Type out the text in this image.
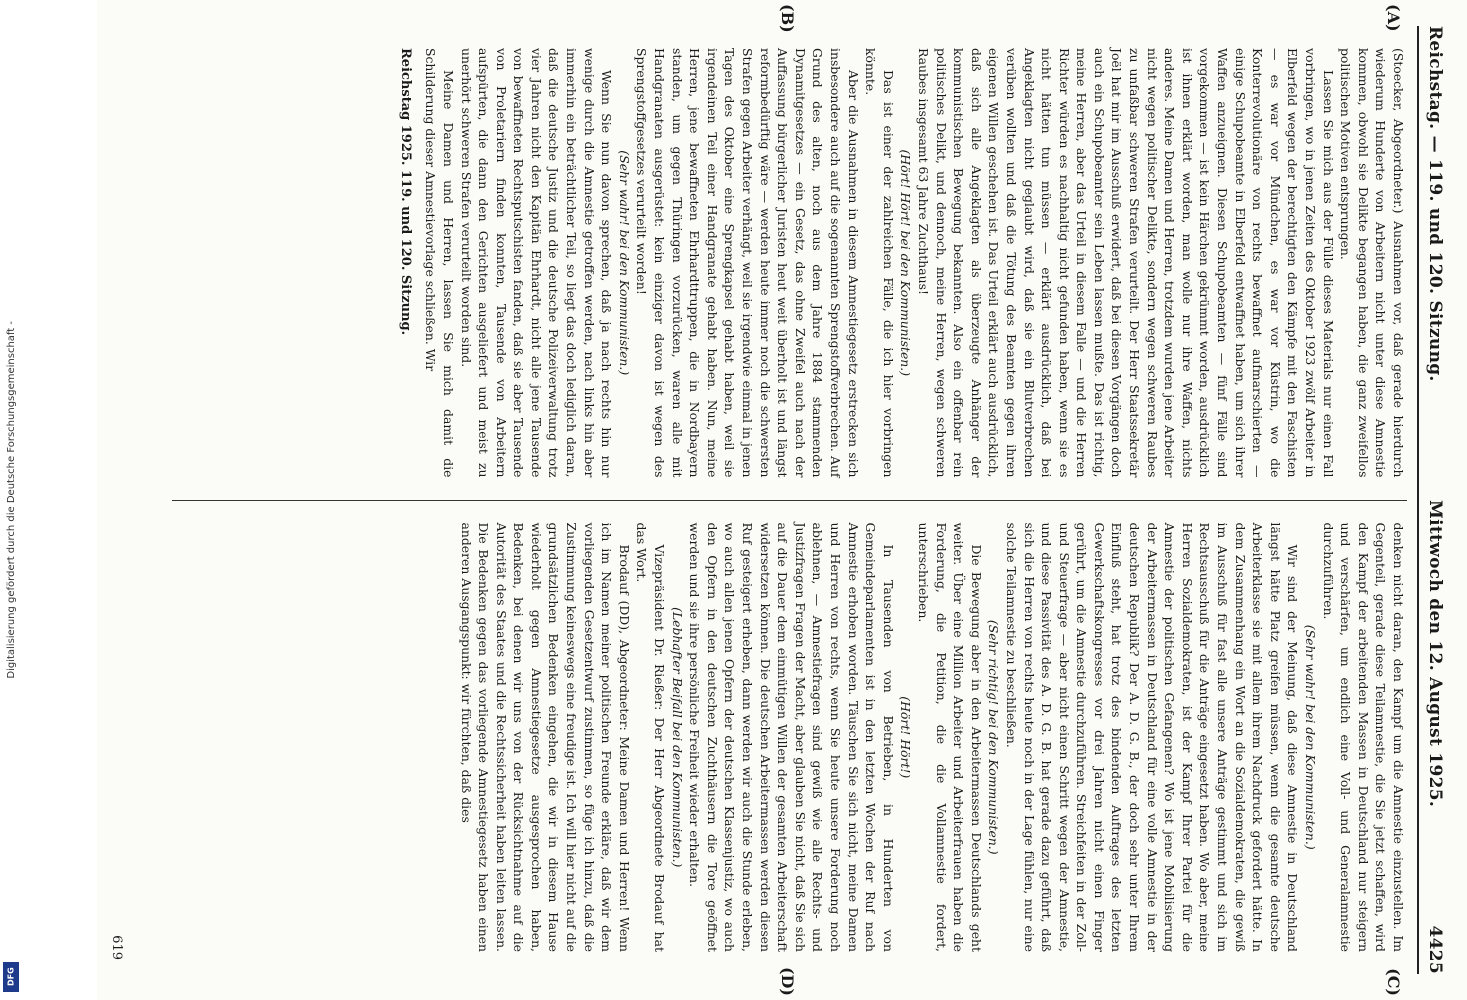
Digitalisierung gefördert durch die Deutsche Forschungsgemeinschaft -
DFG
Reichstag. — 119. und 120. Sitzung.
Mittwoch den 12. August 1925.
4425
(A)
(B)
(C)
(D)

(Stoecker, Abgeordneter.) Ausnahmen vor, daß gerade hierdurch wiederum Hunderte von Arbeitern nicht unter diese Amnestie kommen, obwohl sie Delikte begangen haben, die ganz zweifellos politischen Motiven entsprungen.

Lassen Sie mich aus der Fülle dieses Materials nur einen Fall vorbringen, wo in jenen Zeiten des Oktober 1923 zwölf Arbeiter in Elberfeld wegen der berechtigten den Kämpfe mit den Faschisten — es war vor Mündchen, es war vor Küstrin, wo die Konterrevolutionäre von rechts bewaffnet aufmarschierten — einige Schupobeamte in Elberfeld entwaffnet haben, um sich ihrer Waffen anzueignen. Diesen Schupobeamten — fünf Fälle sind vorgekommen — ist kein Härchen gekrümmt worden, ausdrücklich ist ihnen erklärt worden, man wolle nur ihre Waffen, nichts anderes. Meine Damen und Herren, trotzdem wurden jene Arbeiter nicht wegen politischer Delikte, sondern wegen schweren Raubes zu unfaßbar schweren Strafen verurteilt. Der Herr Staatssekretär Joël hat mir im Ausschuß erwidert, daß bei diesen Vorgängen doch auch ein Schupobeamter sein Leben lassen mußte. Das ist richtig, meine Herren, aber das Urteil in diesem Falle — und die Herren Richter würden es nachhaltig nicht gefunden haben, wenn sie es nicht hätten tun müssen — erklärt ausdrücklich, daß bei Angeklagten nicht geglaubt wird, daß sie ein Blutverbrechen verüben wollten und daß die Tötung des Beamten gegen ihren eigenen Willen geschehen ist. Das Urteil erklärt auch ausdrücklich, daß sich alle Angeklagten als überzeugte Anhänger der kommunistischen Bewegung bekannten. Also ein offenbar rein politisches Delikt, und dennoch, meine Herren, wegen schweren Raubes insgesamt 63 Jahre Zuchthaus!

(Hört! Hört! bei den Kommunisten.)

Das ist einer der zahlreichen Fälle, die ich hier vorbringen könnte.

Aber die Ausnahmen in diesem Amnestiegesetz erstrecken sich insbesondere auch auf die sogenannten Sprengstoffverbrechen. Auf Grund des alten, noch aus dem Jahre 1884 stammenden Dynamitgesetzes — ein Gesetz, das ohne Zweifel auch nach der Auffassung bürgerlicher Juristen heut weit überholt ist und längst reformbedürftig wäre — werden heute immer noch die schwersten Strafen gegen Arbeiter verhängt, weil sie irgendwie einmal in jenen Tagen des Oktober eine Sprengkapsel gehabt haben, weil sie irgendeinen Teil einer Handgranate gehabt haben. Nun, meine Herren, jene bewaffneten Ehrhardttruppen, die in Nordbayern standen, um gegen Thüringen vorzurücken, waren alle mit Handgranaten ausgerüstet: kein einziger davon ist wegen des Sprengstoffgesetzes verurteilt worden!

(Sehr wahr! bei den Kommunisten.)

Wenn Sie nun davon sprechen, daß ja nach rechts hin nur wenige durch die Amnestie getroffen werden, nach links hin aber immerhin ein beträchtlicher Teil, so liegt das doch lediglich daran, daß die deutsche Justiz und die deutsche Polizeiverwaltung trotz vier Jahren nicht den Kapitän Ehrhardt, nicht alle jene Tausende von bewaffneten Rechtsputschisten fanden, daß sie aber Tausende von Proletariern finden konnten, Tausende von Arbeitern aufspürten, die dann den Gerichten ausgeliefert und meist zu unerhört schweren Strafen verurteilt worden sind.

Meine Damen und Herren, lassen Sie mich damit die Schilderung dieser Amnestievorlage schließen. Wir

Reichstag 1925. 119. und 120. Sitzung.

denken nicht daran, den Kampf um die Amnestie einzustellen. Im Gegenteil, gerade diese Teilamnestie, die Sie jetzt schaffen, wird den Kampf der arbeitenden Massen in Deutschland nur steigern und verschärfen, um endlich eine Voll- und Generalamnestie durchzuführen.

(Sehr wahr! bei den Kommunisten.)

Wir sind der Meinung, daß diese Amnestie in Deutschland längst hätte Platz greifen müssen, wenn die gesamte deutsche Arbeiterklasse sie mit allem ihrem Nachdruck gefordert hätte. In dem Zusammenhang ein Wort an die Sozialdemokraten, die gewiß im Ausschuß für fast alle unsere Anträge gestimmt und sich im Rechtsausschuß für die Anträge eingesetzt haben. Wo aber, meine Herren Sozialdemokraten, ist der Kampf Ihrer Partei für die Amnestie der politischen Gefangenen? Wo ist jene Mobilisierung der Arbeitermassen in Deutschland für eine volle Amnestie in der deutschen Republik? Der A. D. G. B., der doch sehr unter Ihrem Einfluß steht, hat trotz des bindenden Auftrages des letzten Gewerkschaftskongresses vor drei Jahren nicht einen Finger gerührt, um die Amnestie durchzuführen. Streichfeiten in der Zoll- und Steuerfrage — aber nicht einen Schritt wegen der Amnestie, und diese Passivität des A. D. G. B. hat gerade dazu geführt, daß sich die Herren von rechts heute noch in der Lage fühlen, nur eine solche Teilamnestie zu beschließen.

(Sehr richtig! bei den Kommunisten.)

Die Bewegung aber in den Arbeitermassen Deutschlands geht weiter. Über eine Million Arbeiter und Arbeiterfrauen haben die Forderung, die Petition, die die Vollamnestie fordert, unterschrieben.

(Hört! Hört!)

In Tausenden von Betrieben, in Hunderten von Gemeindeparlamenten ist in den letzten Wochen der Ruf nach Amnestie erhoben worden. Täuschen Sie sich nicht, meine Damen und Herren von rechts, wenn Sie heute unsere Forderung noch ablehnen, — Amnestiefragen sind gewiß wie alle Rechts- und Justizfragen Fragen der Macht, aber glauben Sie nicht, daß Sie sich auf die Dauer dem einmütigen Willen der gesamten Arbeiterschaft widersetzen können. Die deutschen Arbeitermassen werden diesen Ruf gesteigert erheben, dann werden wir auch die Stunde erleben, wo auch allen jenen Opfern der deutschen Klassenjustiz, wo auch den Opfern in den deutschen Zuchthäusern die Tore geöffnet werden und sie ihre persönliche Freiheit wieder erhalten.

(Lebhafter Beifall bei den Kommunisten.)

Vizepräsident Dr. Rießer: Der Herr Abgeordnete Brodauf hat das Wort.

Brodauf (DD), Abgeordneter: Meine Damen und Herren! Wenn ich im Namen meiner politischen Freunde erkläre, daß wir dem vorliegenden Gesetzentwurf zustimmen, so füge ich hinzu, daß die Zustimmung keineswegs eine freudige ist. Ich will hier nicht auf die grundsätzlichen Bedenken eingehen, die wir in diesem Hause wiederholt gegen Amnestiegesetze ausgesprochen haben, Bedenken, bei denen wir uns von der Rücksichtnahme auf die Autorität des Staates und die Rechtssicherheit haben leiten lassen. Die Bedenken gegen das vorliegende Amnestiegesetz haben einen anderen Ausgangspunkt: wir fürchten, daß dies

619
